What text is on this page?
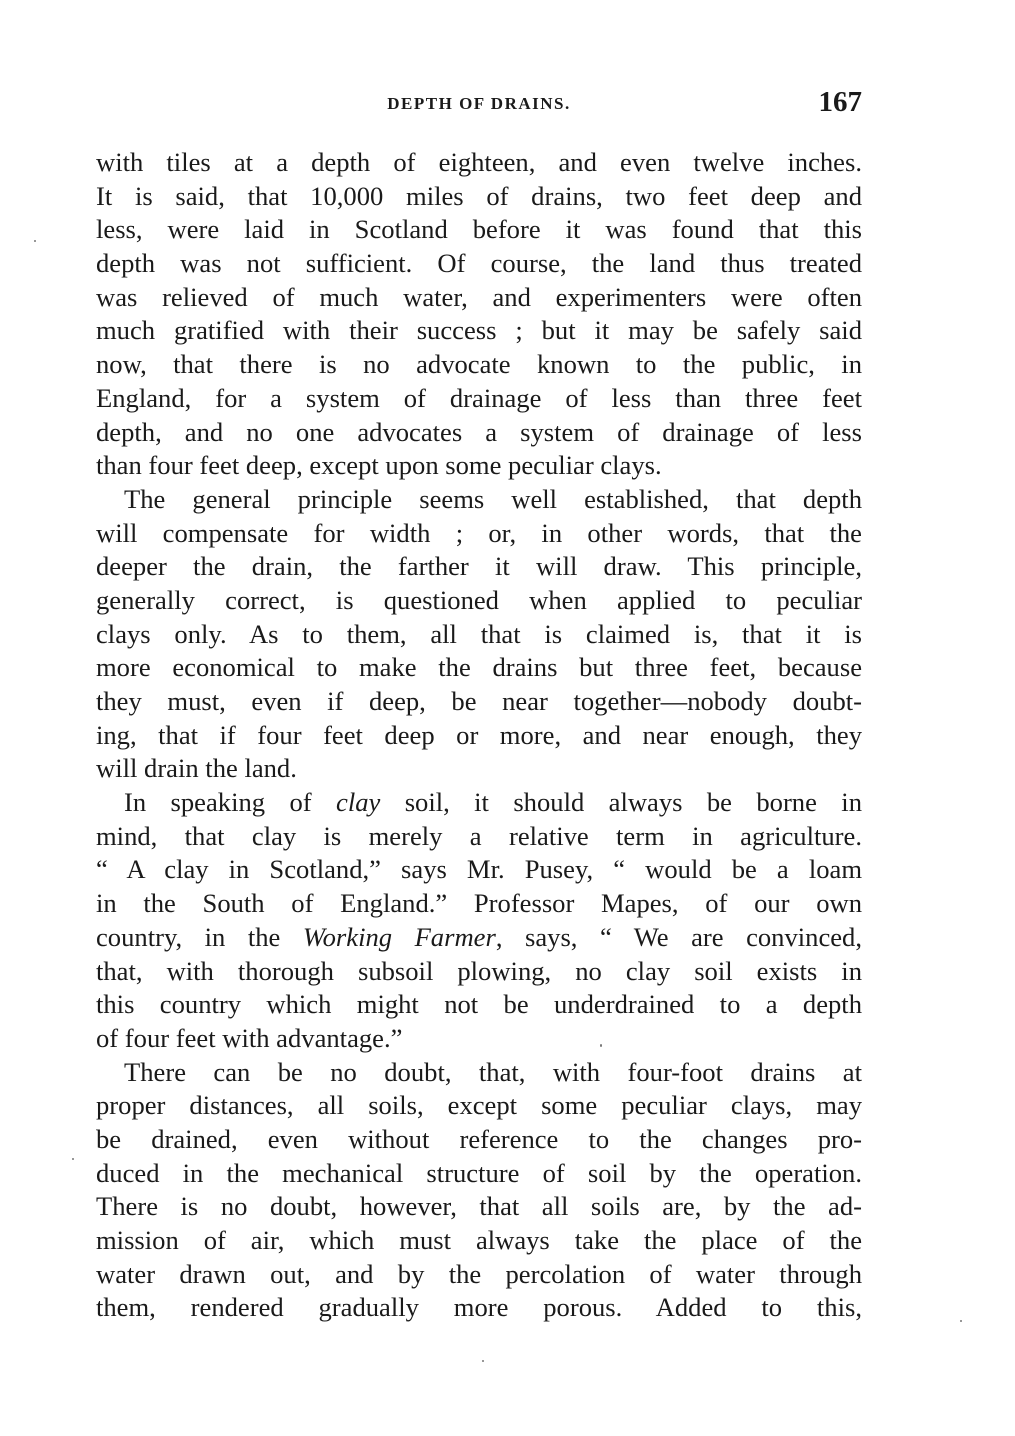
DEPTH OF DRAINS.	167
with tiles at a depth of eighteen, and even twelve inches.
It is said, that 10,000 miles of drains, two feet deep and
less, were laid in Scotland before it was found that this
depth was not sufficient. Of course, the land thus treated
was relieved of much water, and experimenters were often
much gratified with their success ; but it may be safely said
now, that there is no advocate known to the public, in
England, for a system of drainage of less than three feet
depth, and no one advocates a system of drainage of less
than four feet deep, except upon some peculiar clays.
The general principle seems well established, that depth
will compensate for width ; or, in other words, that the
deeper the drain, the farther it will draw. This principle,
generally correct, is questioned when applied to peculiar
clays only. As to them, all that is claimed is, that it is
more economical to make the drains but three feet, because
they must, even if deep, be near together—nobody doubt-
ing, that if four feet deep or more, and near enough, they
will drain the land.
In speaking of clay soil, it should always be borne in
mind, that clay is merely a relative term in agriculture.
“ A clay in Scotland,” says Mr. Pusey, “ would be a loam
in the South of England.” Professor Mapes, of our own
country, in the Working Farmer, says, “ We are convinced,
that, with thorough subsoil plowing, no clay soil exists in
this country which might not be underdrained to a depth
of four feet with advantage.”
There can be no doubt, that, with four-foot drains at
proper distances, all soils, except some peculiar clays, may
be drained, even without reference to the changes pro-
duced in the mechanical structure of soil by the operation.
There is no doubt, however, that all soils are, by the ad-
mission of air, which must always take the place of the
water drawn out, and by the percolation of water through
them, rendered gradually more porous. Added to this,
